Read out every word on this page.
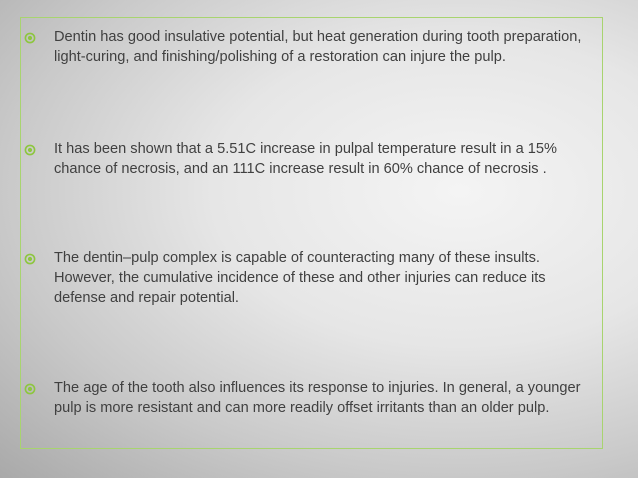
Dentin has good insulative potential, but heat generation during tooth preparation,
light-curing, and finishing/polishing of a restoration can injure the pulp.
It has been shown that a 5.51C increase in pulpal temperature result in a 15%
chance of necrosis, and an 111C increase result in 60% chance of necrosis .
The dentin–pulp complex is capable of counteracting many of these insults.
However, the cumulative incidence of these and other injuries can reduce its
defense and repair potential.
The age of the tooth also influences its response to injuries. In general, a younger
pulp is more resistant and can more readily offset irritants than an older pulp.
